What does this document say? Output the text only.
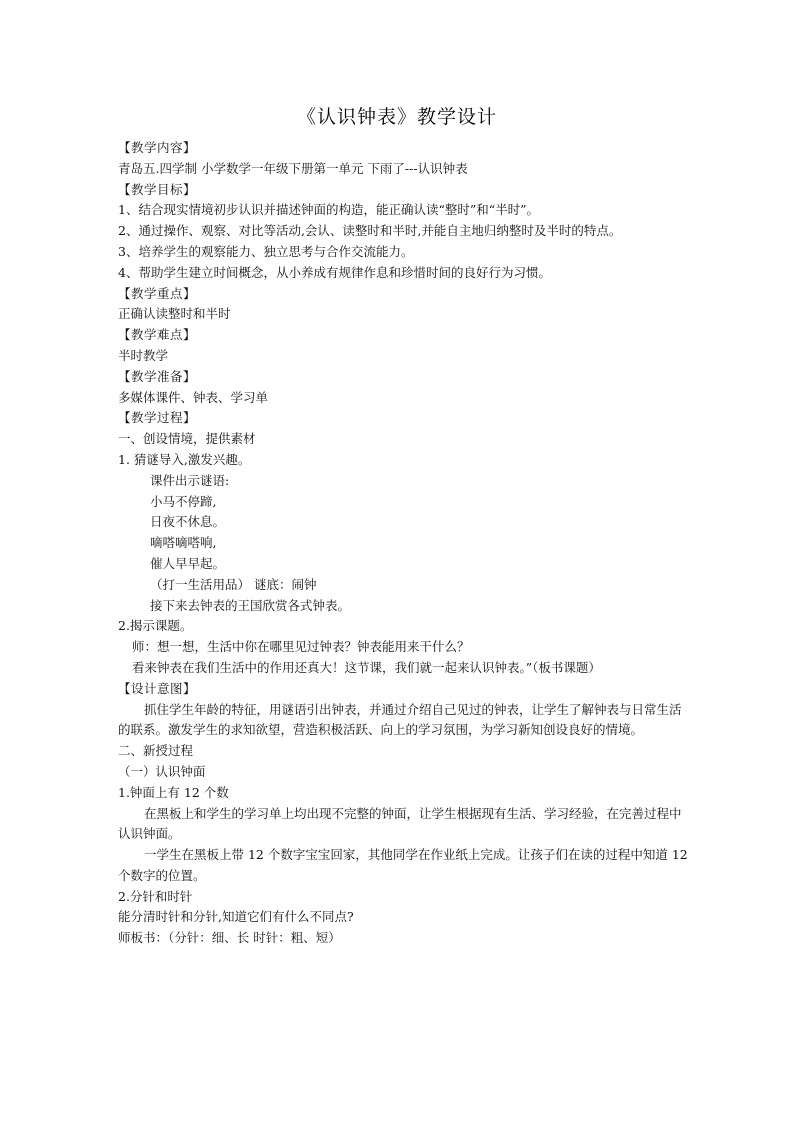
《认识钟表》教学设计
【教学内容】
青岛五.四学制 小学数学一年级下册第一单元 下雨了---认识钟表
【教学目标】
1、结合现实情境初步认识并描述钟面的构造，能正确认读“整时”和“半时”。
2、通过操作、观察、对比等活动,会认、读整时和半时,并能自主地归纳整时及半时的特点。
3、培养学生的观察能力、独立思考与合作交流能力。
4、帮助学生建立时间概念，从小养成有规律作息和珍惜时间的良好行为习惯。
【教学重点】
正确认读整时和半时
【教学难点】
半时教学
【教学准备】
多媒体课件、钟表、学习单
【教学过程】
一、创设情境，提供素材
1. 猜谜导入,激发兴趣。
课件出示谜语:
小马不停蹄,
日夜不休息。
嘀嗒嘀嗒响,
催人早早起。
（打一生活用品） 谜底：闹钟
接下来去钟表的王国欣赏各式钟表。
2.揭示课题。
师：想一想，生活中你在哪里见过钟表？钟表能用来干什么？
看来钟表在我们生活中的作用还真大！这节课，我们就一起来认识钟表。”（板书课题）
【设计意图】
抓住学生年龄的特征，用谜语引出钟表，并通过介绍自己见过的钟表，让学生了解钟表与日常生活的联系。激发学生的求知欲望，营造积极活跃、向上的学习氛围，为学习新知创设良好的情境。
二、新授过程
（一）认识钟面
1.钟面上有 12 个数
在黑板上和学生的学习单上均出现不完整的钟面，让学生根据现有生活、学习经验，在完善过程中认识钟面。
一学生在黑板上带 12 个数字宝宝回家，其他同学在作业纸上完成。让孩子们在读的过程中知道 12 个数字的位置。
2.分针和时针
能分清时针和分针,知道它们有什么不同点?
师板书：（分针：细、长 时针：粗、短）
